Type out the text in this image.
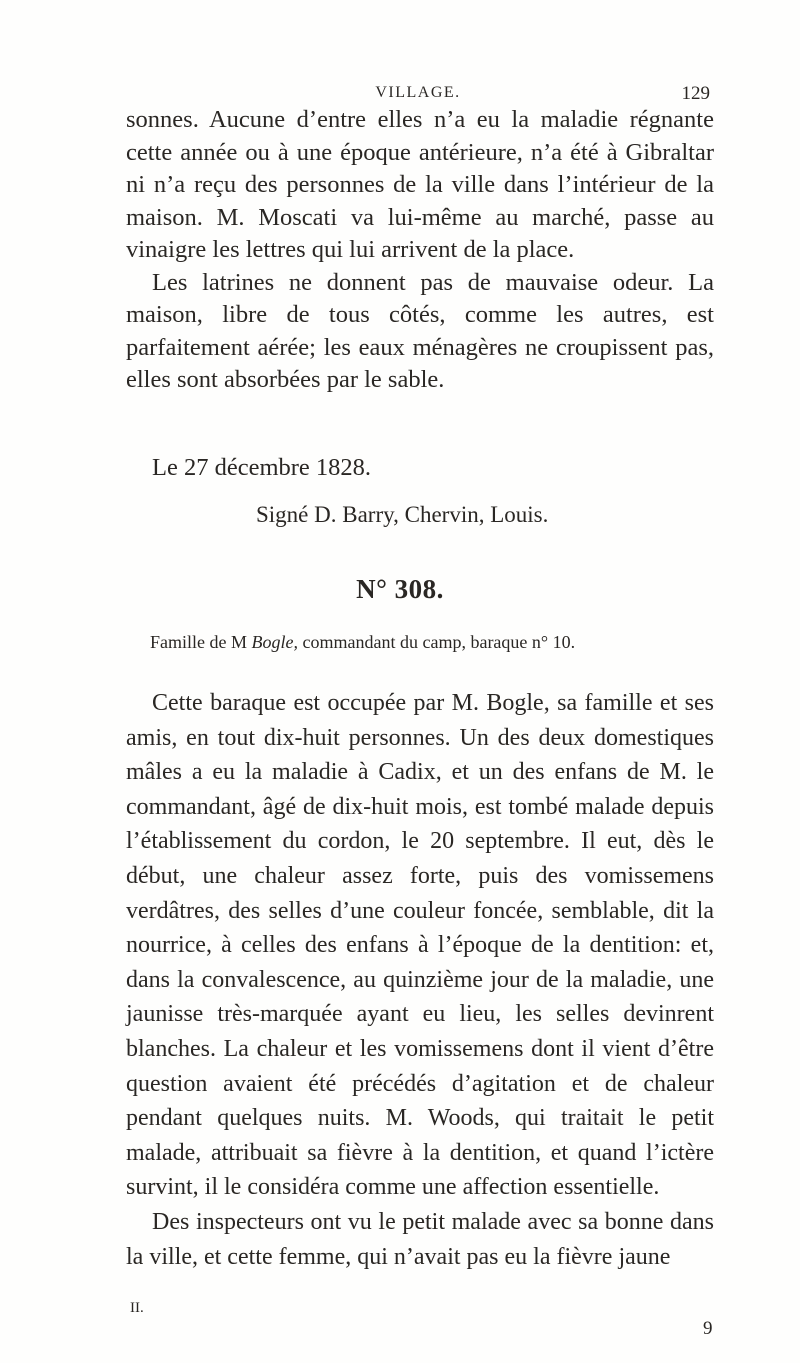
VILLAGE.	129

sonnes. Aucune d’entre elles n’a eu la maladie régnante cette année ou à une époque antérieure, n’a été à Gibraltar ni n’a reçu des personnes de la ville dans l’intérieur de la maison. M. Moscati va lui-même au marché, passe au vinaigre les lettres qui lui arrivent de la place.

Les latrines ne donnent pas de mauvaise odeur. La maison, libre de tous côtés, comme les autres, est parfaitement aérée; les eaux ménagères ne croupissent pas, elles sont absorbées par le sable.

Le 27 décembre 1828.
Signé D. Barry, Chervin, Louis.
N° 308.
Famille de M Bogle, commandant du camp, baraque n° 10.

Cette baraque est occupée par M. Bogle, sa famille et ses amis, en tout dix-huit personnes. Un des deux domestiques mâles a eu la maladie à Cadix, et un des enfans de M. le commandant, âgé de dix-huit mois, est tombé malade depuis l’établissement du cordon, le 20 septembre. Il eut, dès le début, une chaleur assez forte, puis des vomissemens verdâtres, des selles d’une couleur foncée, semblable, dit la nourrice, à celles des enfans à l’époque de la dentition: et, dans la convalescence, au quinzième jour de la maladie, une jaunisse très-marquée ayant eu lieu, les selles devinrent blanches. La chaleur et les vomissemens dont il vient d’être question avaient été précédés d’agitation et de chaleur pendant quelques nuits. M. Woods, qui traitait le petit malade, attribuait sa fièvre à la dentition, et quand l’ictère survint, il le considéra comme une affection essentielle.

Des inspecteurs ont vu le petit malade avec sa bonne dans la ville, et cette femme, qui n’avait pas eu la fièvre jaune

II.
9
